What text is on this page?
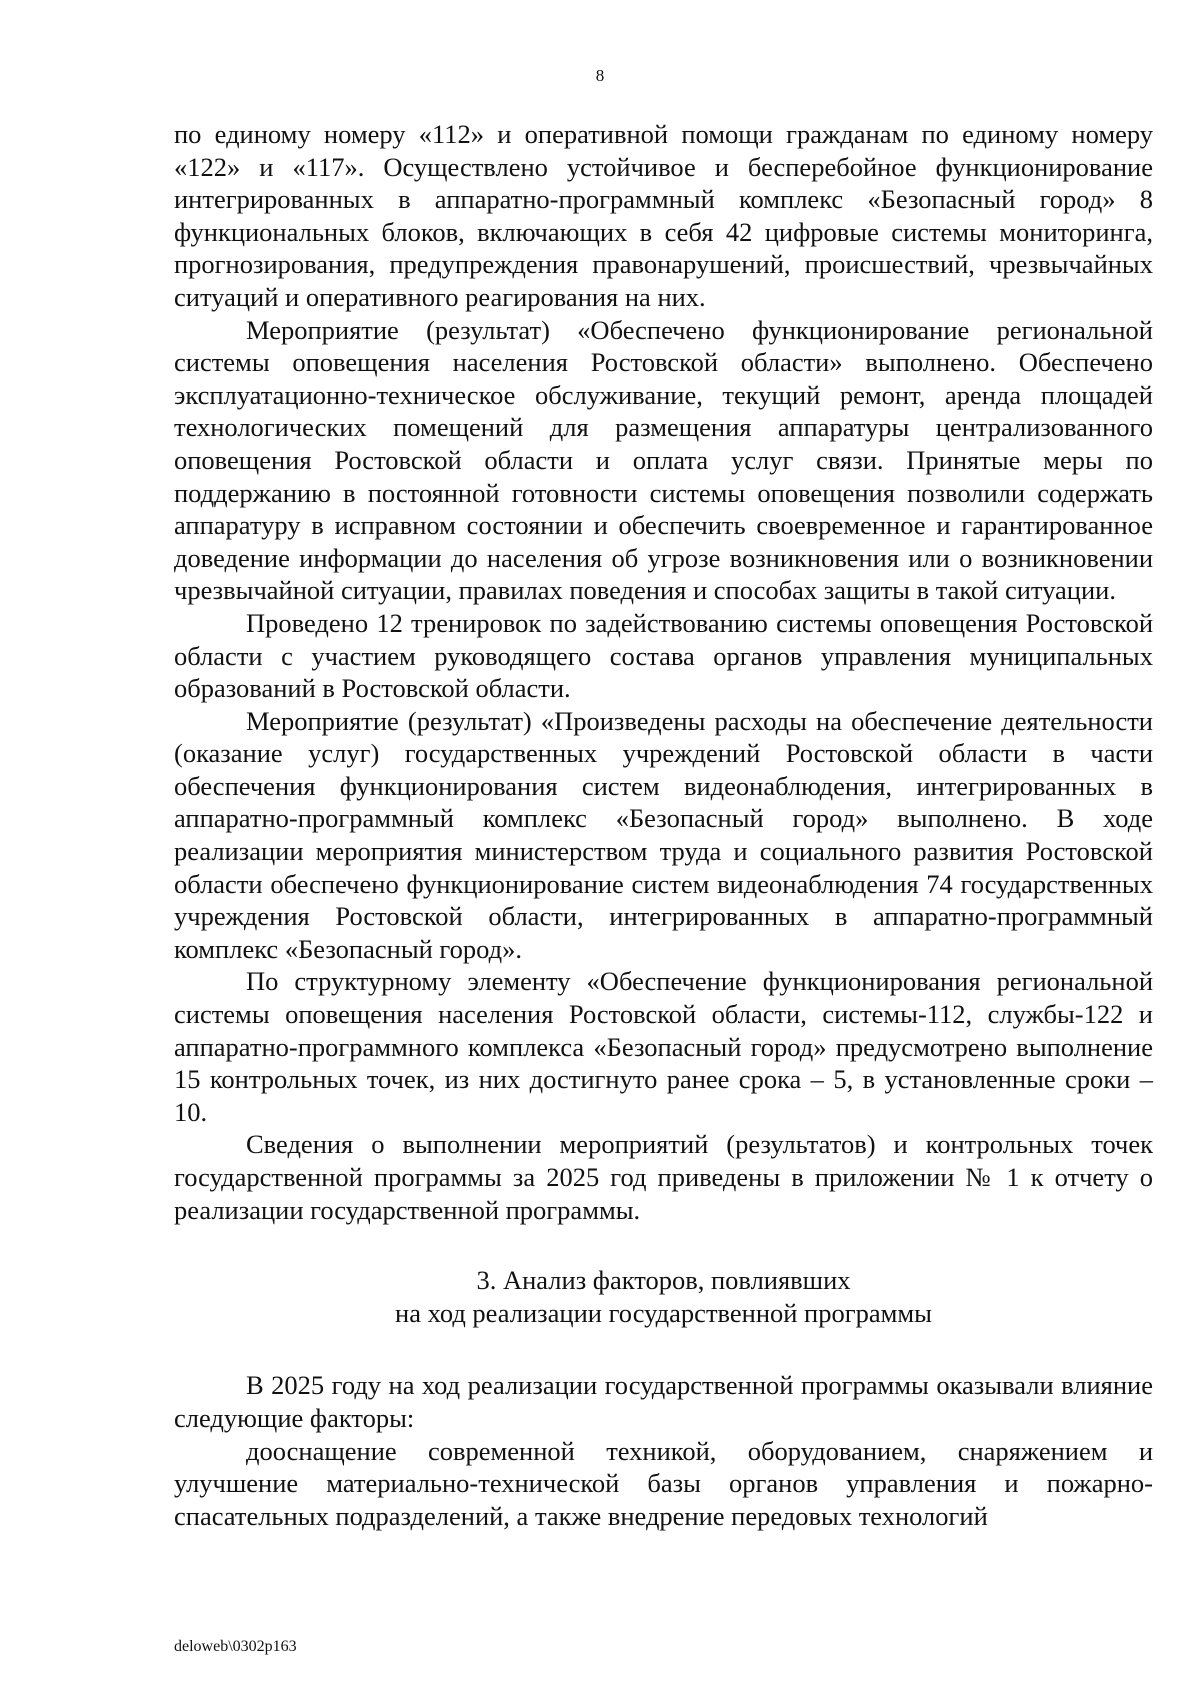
8

по единому номеру «112» и оперативной помощи гражданам по единому номеру «122» и «117». Осуществлено устойчивое и бесперебойное функционирование интегрированных в аппаратно-программный комплекс «Безопасный город» 8 функциональных блоков, включающих в себя 42 цифровые системы мониторинга, прогнозирования, предупреждения правонарушений, происшествий, чрезвычайных ситуаций и оперативного реагирования на них.

Мероприятие (результат) «Обеспечено функционирование региональной системы оповещения населения Ростовской области» выполнено. Обеспечено эксплуатационно-техническое обслуживание, текущий ремонт, аренда площадей технологических помещений для размещения аппаратуры централизованного оповещения Ростовской области и оплата услуг связи. Принятые меры по поддержанию в постоянной готовности системы оповещения позволили содержать аппаратуру в исправном состоянии и обеспечить своевременное и гарантированное доведение информации до населения об угрозе возникновения или о возникновении чрезвычайной ситуации, правилах поведения и способах защиты в такой ситуации.

Проведено 12 тренировок по задействованию системы оповещения Ростовской области с участием руководящего состава органов управления муниципальных образований в Ростовской области.

Мероприятие (результат) «Произведены расходы на обеспечение деятельности (оказание услуг) государственных учреждений Ростовской области в части обеспечения функционирования систем видеонаблюдения, интегрированных в аппаратно-программный комплекс «Безопасный город» выполнено. В ходе реализации мероприятия министерством труда и социального развития Ростовской области обеспечено функционирование систем видеонаблюдения 74 государственных учреждения Ростовской области, интегрированных в аппаратно-программный комплекс «Безопасный город».

По структурному элементу «Обеспечение функционирования региональной системы оповещения населения Ростовской области, системы-112, службы-122 и аппаратно-программного комплекса «Безопасный город» предусмотрено выполнение 15 контрольных точек, из них достигнуто ранее срока – 5, в установленные сроки – 10.

Сведения о выполнении мероприятий (результатов) и контрольных точек государственной программы за 2025 год приведены в приложении № 1 к отчету о реализации государственной программы.

3. Анализ факторов, повлиявших
на ход реализации государственной программы

В 2025 году на ход реализации государственной программы оказывали влияние следующие факторы:

дооснащение современной техникой, оборудованием, снаряжением и улучшение материально-технической базы органов управления и пожарно-спасательных подразделений, а также внедрение передовых технологий

deloweb\0302p163
